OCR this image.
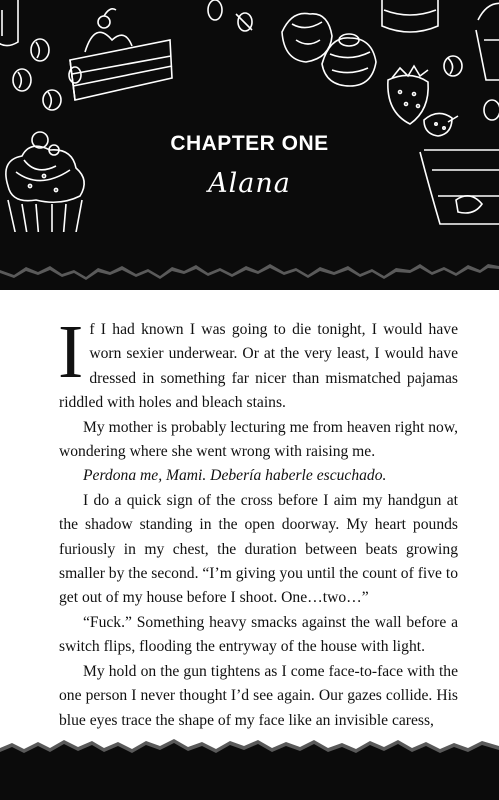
CHAPTER ONE
Alana

If I had known I was going to die tonight, I would have worn sexier underwear. Or at the very least, I would have dressed in something far nicer than mismatched pajamas riddled with holes and bleach stains.

My mother is probably lecturing me from heaven right now, wondering where she went wrong with raising me.

Perdona me, Mami. Debería haberle escuchado.

I do a quick sign of the cross before I aim my handgun at the shadow standing in the open doorway. My heart pounds furiously in my chest, the duration between beats growing smaller by the second. “I’m giving you until the count of five to get out of my house before I shoot. One…two…”

“Fuck.” Something heavy smacks against the wall before a switch flips, flooding the entryway of the house with light.

My hold on the gun tightens as I come face-to-face with the one person I never thought I’d see again. Our gazes collide. His blue eyes trace the shape of my face like an invisible caress,
